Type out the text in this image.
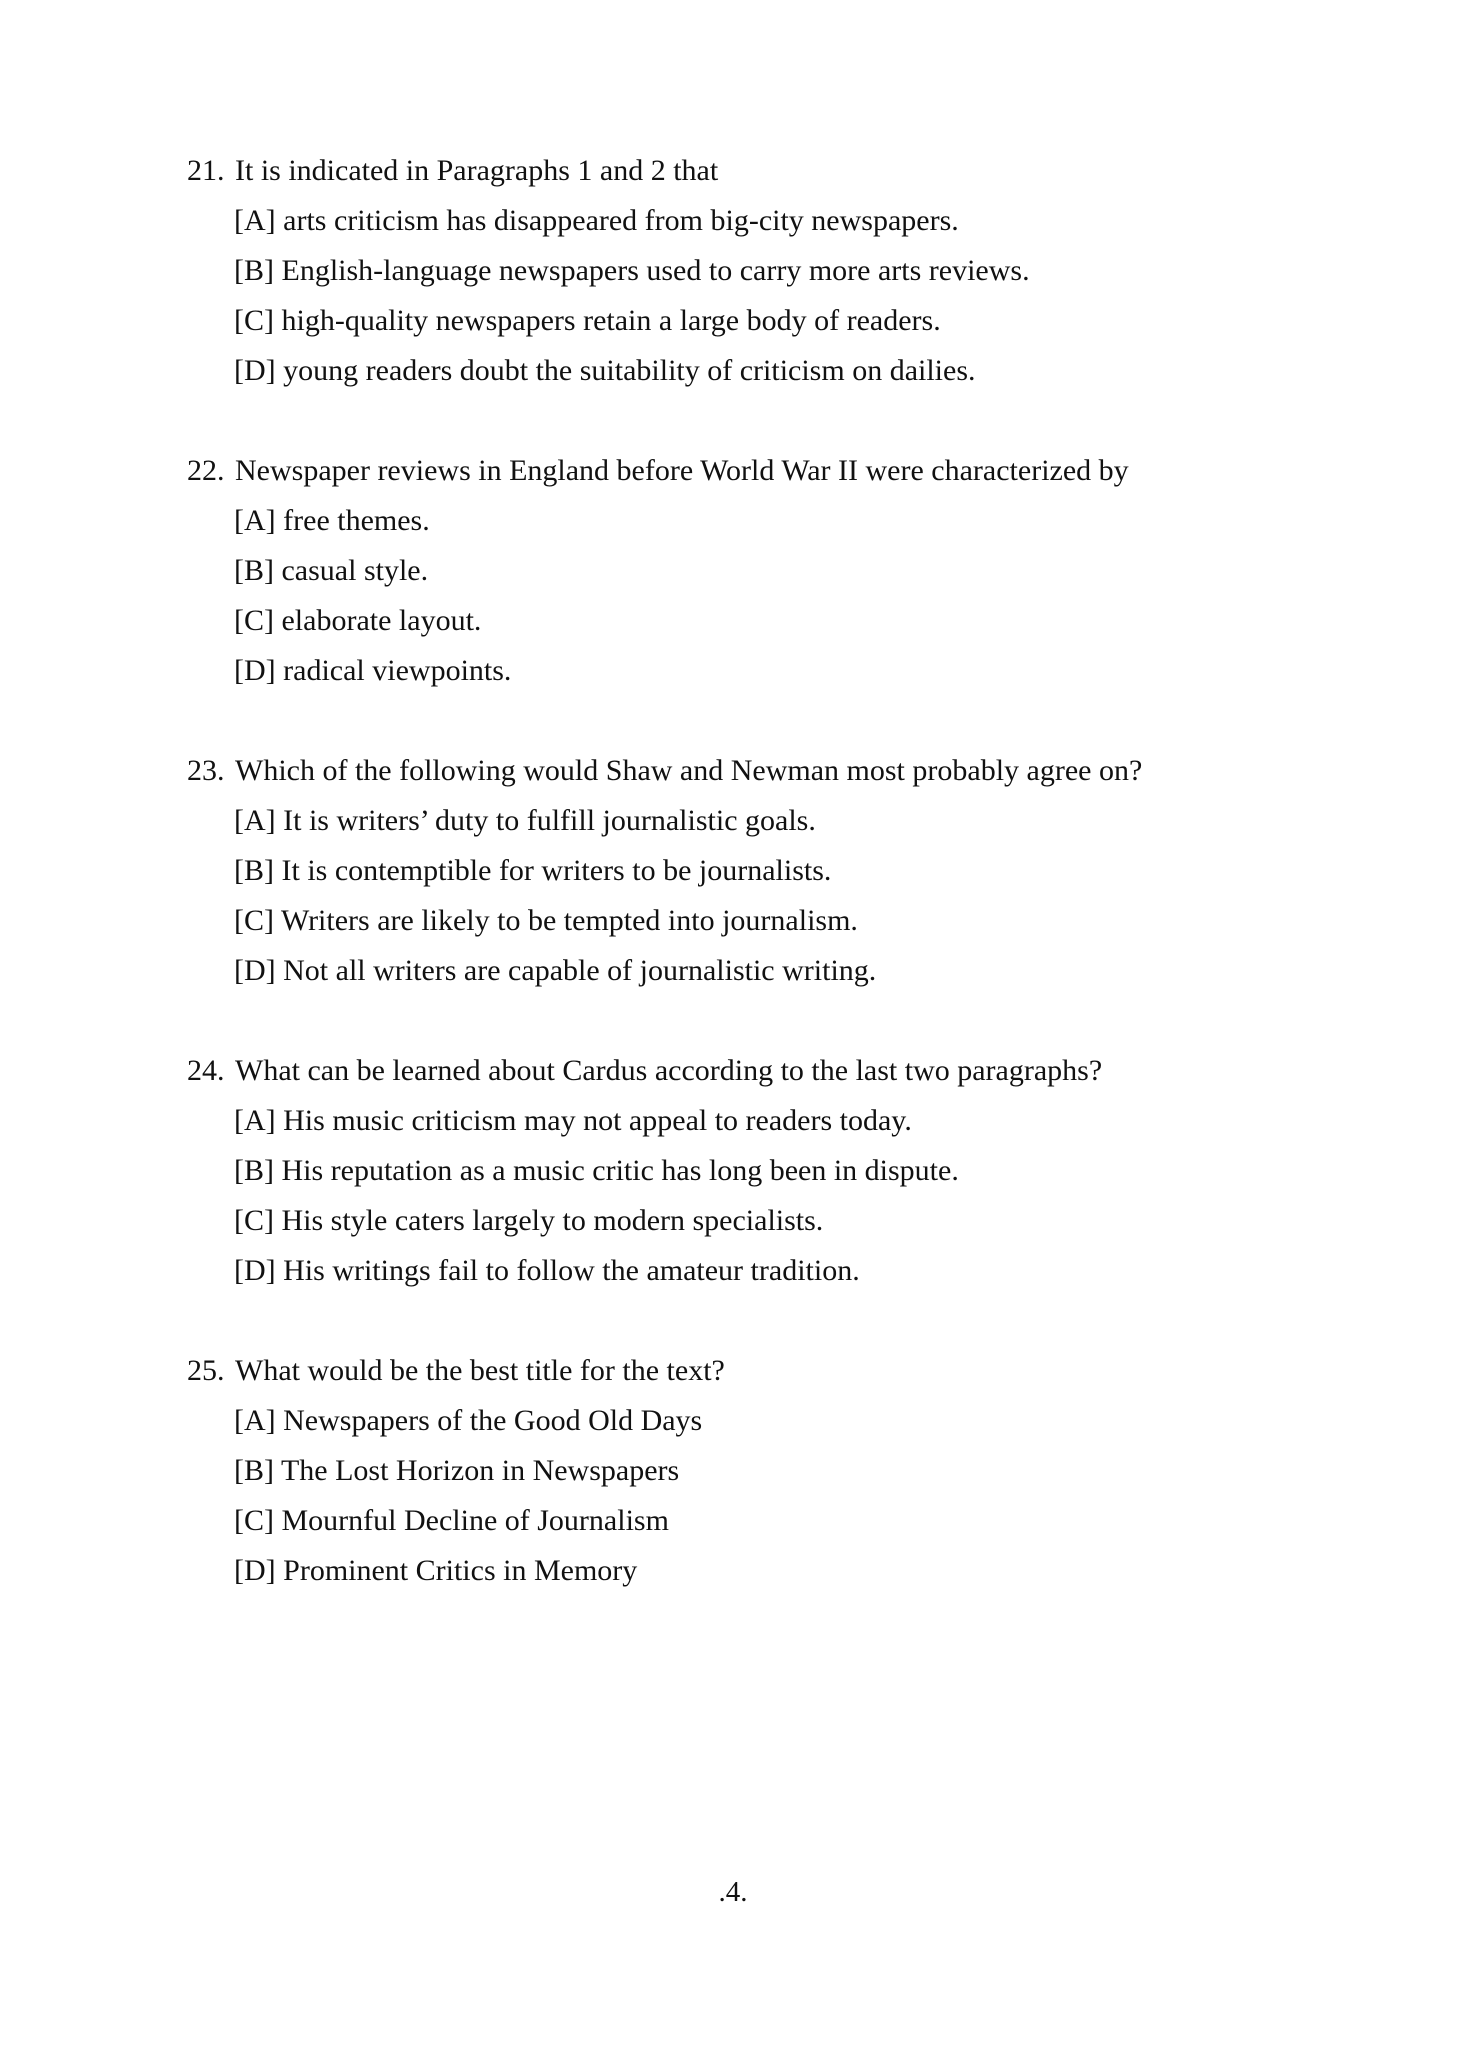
21. It is indicated in Paragraphs 1 and 2 that
[A] arts criticism has disappeared from big-city newspapers.
[B] English-language newspapers used to carry more arts reviews.
[C] high-quality newspapers retain a large body of readers.
[D] young readers doubt the suitability of criticism on dailies.
22. Newspaper reviews in England before World War II were characterized by
[A] free themes.
[B] casual style.
[C] elaborate layout.
[D] radical viewpoints.
23. Which of the following would Shaw and Newman most probably agree on?
[A] It is writers’ duty to fulfill journalistic goals.
[B] It is contemptible for writers to be journalists.
[C] Writers are likely to be tempted into journalism.
[D] Not all writers are capable of journalistic writing.
24. What can be learned about Cardus according to the last two paragraphs?
[A] His music criticism may not appeal to readers today.
[B] His reputation as a music critic has long been in dispute.
[C] His style caters largely to modern specialists.
[D] His writings fail to follow the amateur tradition.
25. What would be the best title for the text?
[A] Newspapers of the Good Old Days
[B] The Lost Horizon in Newspapers
[C] Mournful Decline of Journalism
[D] Prominent Critics in Memory
.4.
